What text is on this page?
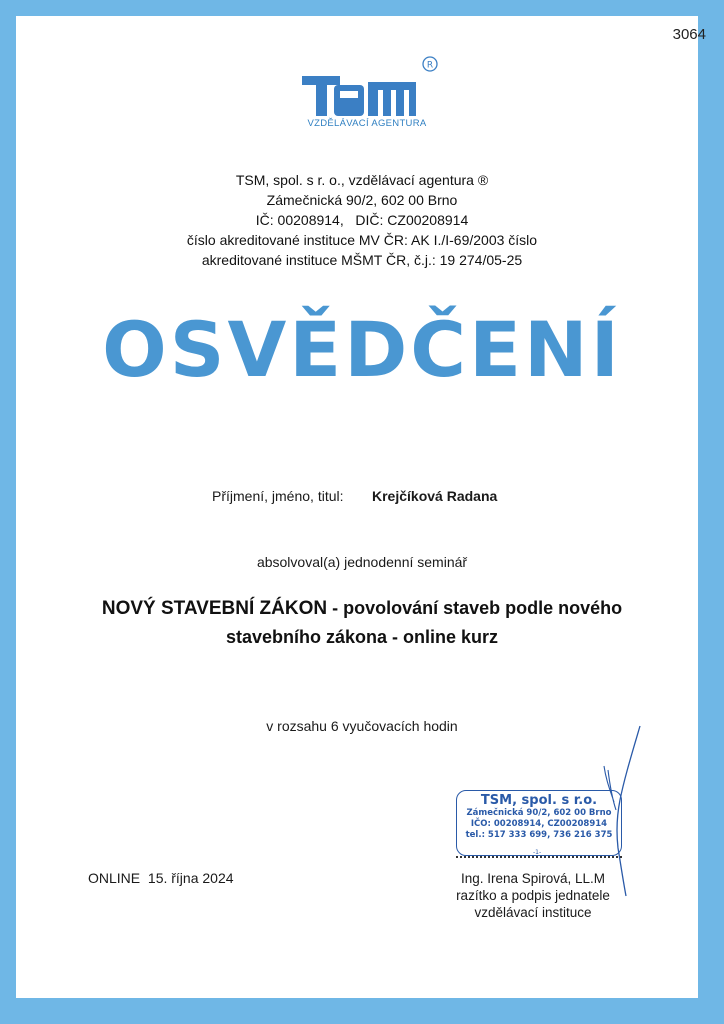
3064
R
VZDĚLÁVACÍ AGENTURA
TSM, spol. s r. o., vzdělávací agentura ®
Zámečnická 90/2, 602 00 Brno
IČ: 00208914,   DIČ: CZ00208914
číslo akreditované instituce MV ČR: AK I./I-69/2003 číslo
akreditované instituce MŠMT ČR, č.j.: 19 274/05-25
OSVĚDČENÍ
Příjmení, jméno, titul: Krejčíková Radana
absolvoval(a) jednodenní seminář
NOVÝ STAVEBNÍ ZÁKON - povolování staveb podle nového
stavebního zákona - online kurz
v rozsahu 6 vyučovacích hodin
ONLINE  15. října 2024
TSM, spol. s r.o.
Zámečnická 90/2, 602 00 Brno
IČO: 00208914, CZ00208914
tel.: 517 333 699, 736 216 375
-1-
Ing. Irena Spirová, LL.M
razítko a podpis jednatele
vzdělávací instituce
